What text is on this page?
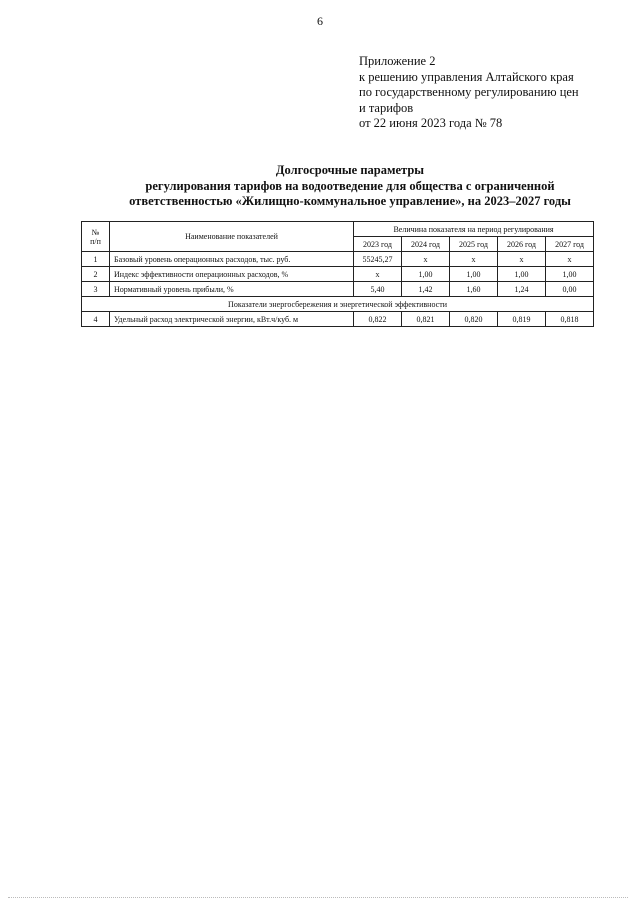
6
Приложение 2
к решению управления Алтайского края
по государственному регулированию цен
и тарифов
от 22 июня 2023 года № 78
Долгосрочные параметры
регулирования тарифов на водоотведение для общества с ограниченной
ответственностью «Жилищно-коммунальное управление», на 2023–2027 годы
№
п/п	Наименование показателей	Величина показателя на период регулирования				
		2023 год	2024 год	2025 год	2026 год	2027 год
1	Базовый уровень операционных расходов, тыс. руб.	55245,27	х	х	х	х
2	Индекс эффективности операционных расходов, %	х	1,00	1,00	1,00	1,00
3	Нормативный уровень прибыли, %	5,40	1,42	1,60	1,24	0,00
Показатели энергосбережения и энергетической эффективности						
4	Удельный расход электрической энергии, кВт.ч/куб. м	0,822	0,821	0,820	0,819	0,818
